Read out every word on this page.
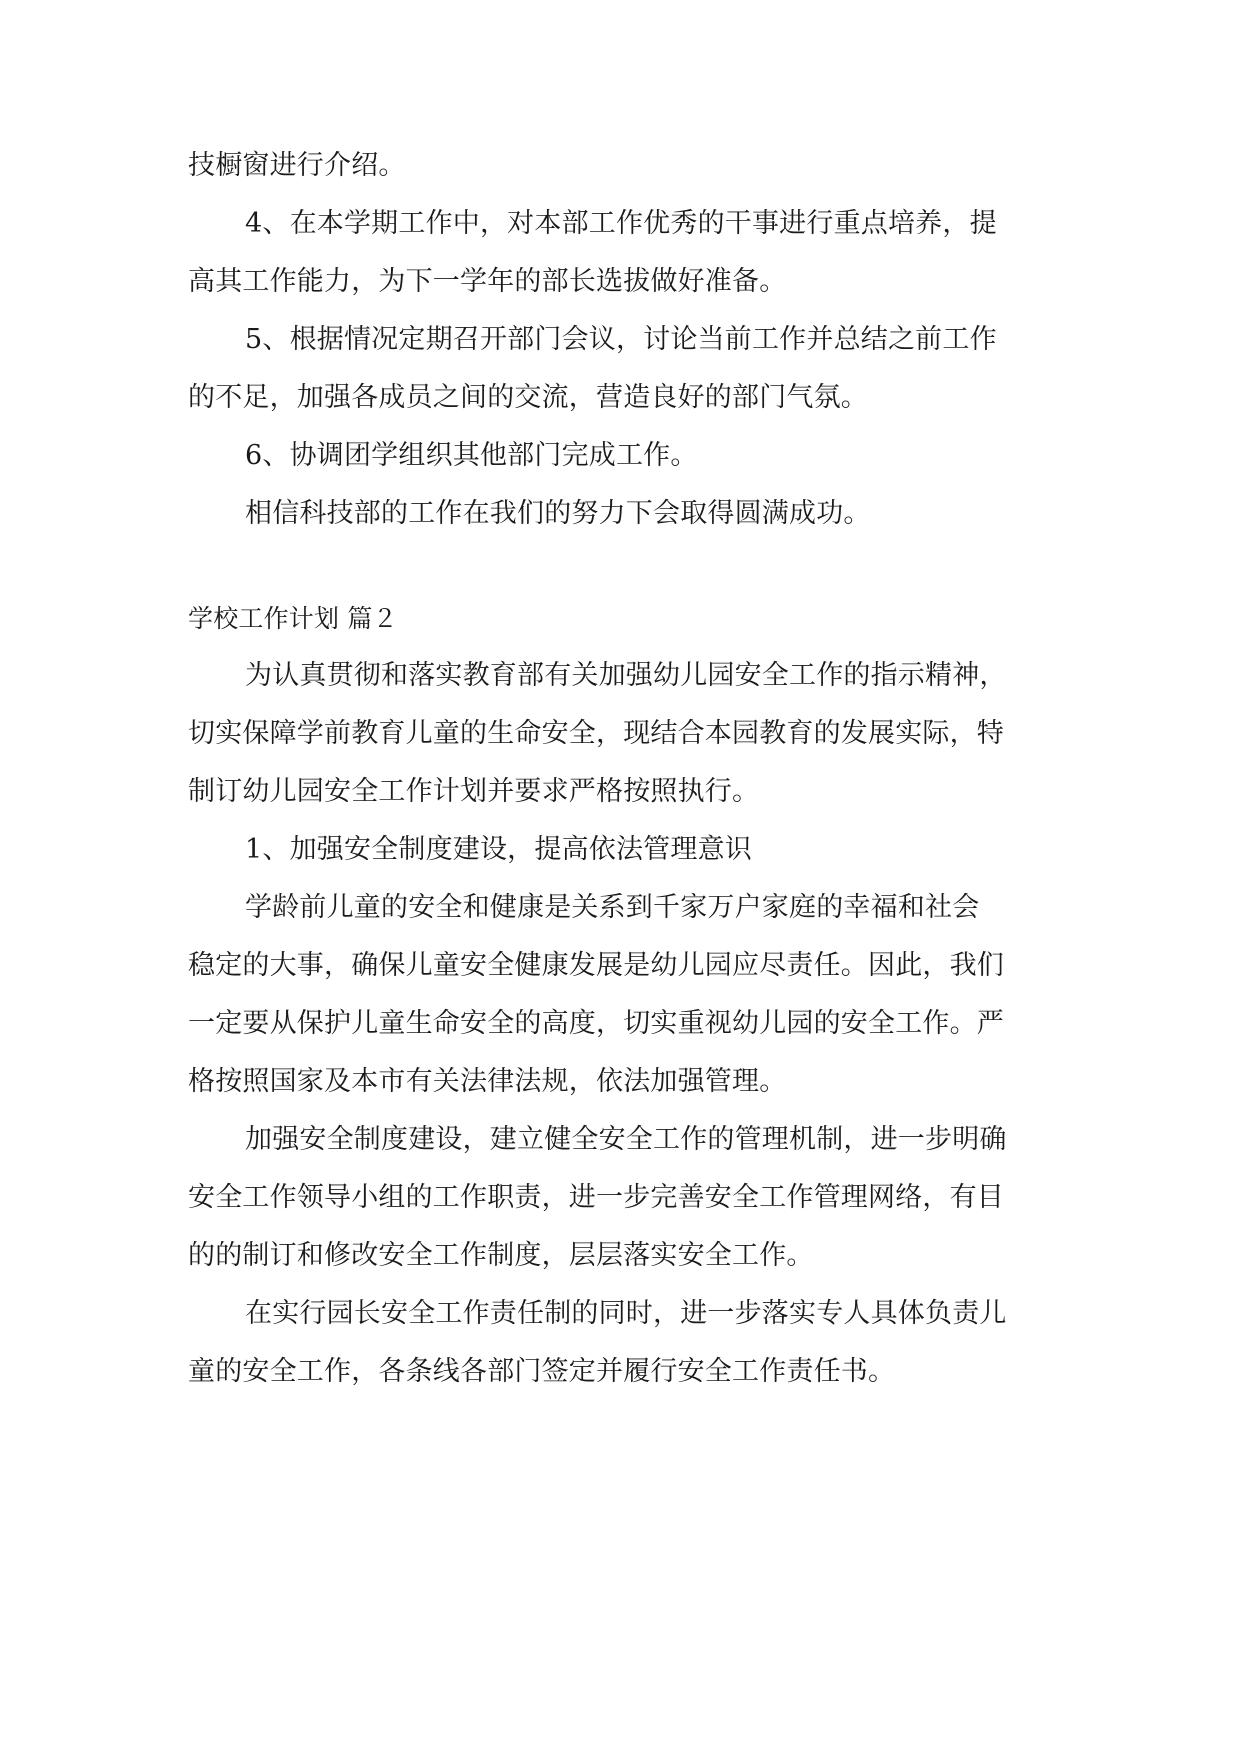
技橱窗进行介绍。
4、在本学期工作中，对本部工作优秀的干事进行重点培养，提
高其工作能力，为下一学年的部长选拔做好准备。
5、根据情况定期召开部门会议，讨论当前工作并总结之前工作
的不足，加强各成员之间的交流，营造良好的部门气氛。
6、协调团学组织其他部门完成工作。
相信科技部的工作在我们的努力下会取得圆满成功。
学校工作计划 篇２
为认真贯彻和落实教育部有关加强幼儿园安全工作的指示精神，
切实保障学前教育儿童的生命安全，现结合本园教育的发展实际，特
制订幼儿园安全工作计划并要求严格按照执行。
1、加强安全制度建设，提高依法管理意识
学龄前儿童的安全和健康是关系到千家万户家庭的幸福和社会
稳定的大事，确保儿童安全健康发展是幼儿园应尽责任。因此，我们
一定要从保护儿童生命安全的高度，切实重视幼儿园的安全工作。严
格按照国家及本市有关法律法规，依法加强管理。
加强安全制度建设，建立健全安全工作的管理机制，进一步明确
安全工作领导小组的工作职责，进一步完善安全工作管理网络，有目
的的制订和修改安全工作制度，层层落实安全工作。
在实行园长安全工作责任制的同时，进一步落实专人具体负责儿
童的安全工作，各条线各部门签定并履行安全工作责任书。
